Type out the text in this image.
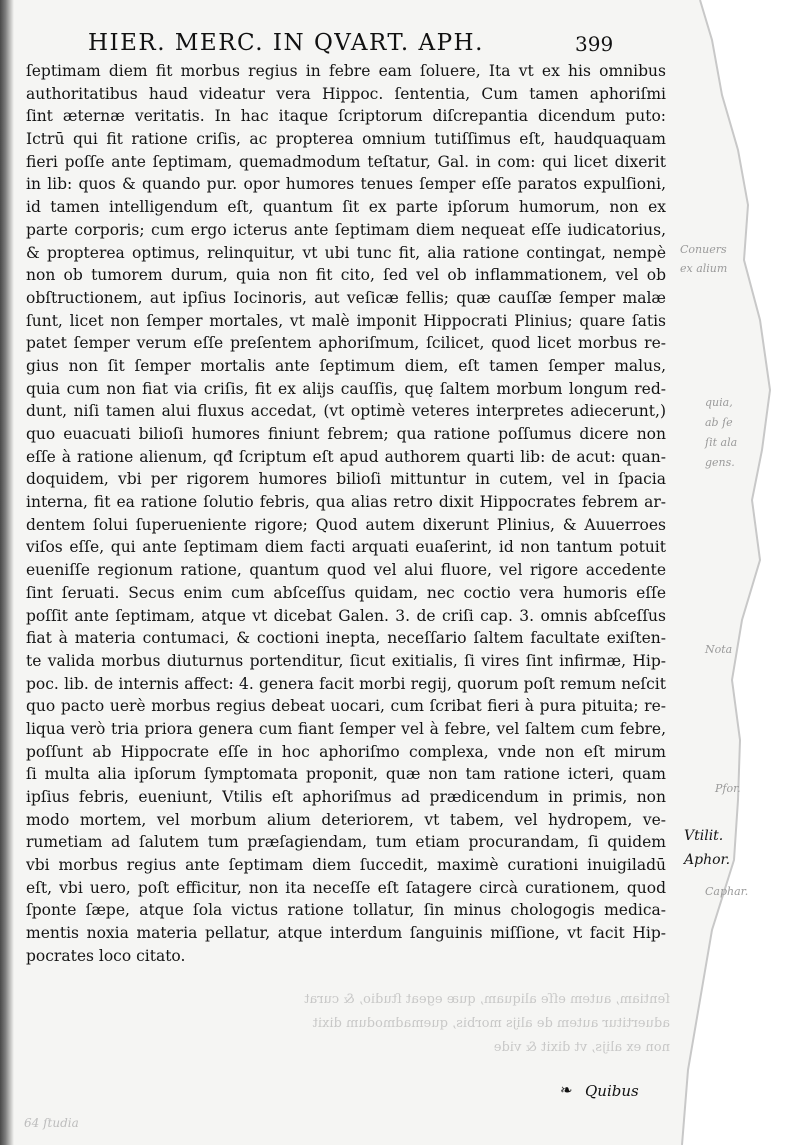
HIER. MERC. IN QVART. APH.	399
ſeptimam diem fit morbus regius in febre eam ſoluere, Ita vt ex his omnibus
authoritatibus haud videatur vera Hippoc. ſententia, Cum tamen aphoriſmi
ſint æternæ veritatis. In hac itaque ſcriptorum diſcrepantia dicendum puto:
Ictrū qui fit ratione criſis, ac propterea omnium tutiſſimus eſt, haudquaquam
fieri poſſe ante ſeptimam, quemadmodum teſtatur, Gal. in com: qui licet dixerit
in lib: quos & quando pur. opor humores tenues ſemper eſſe paratos expulſioni,
id tamen intelligendum eſt, quantum ſit ex parte ipſorum humorum, non ex
parte corporis; cum ergo icterus ante ſeptimam diem nequeat eſſe iudicatorius,
& propterea optimus, relinquitur, vt ubi tunc fit, alia ratione contingat, nempè
non ob tumorem durum, quia non fit cito, ſed vel ob inflammationem, vel ob
obſtructionem, aut ipſius Iocinoris, aut veſicæ fellis; quæ cauſſæ ſemper malæ
ſunt, licet non ſemper mortales, vt malè imponit Hippocrati Plinius; quare ſatis
patet ſemper verum eſſe preſentem aphoriſmum, ſcilicet, quod licet morbus re-
gius non ſit ſemper mortalis ante ſeptimum diem, eſt tamen ſemper malus,
quia cum non fiat via criſis, fit ex alijs cauſſis, quę ſaltem morbum longum red-
dunt, niſi tamen alui fluxus accedat, (vt optimè veteres interpretes adiecerunt,)
quo euacuati bilioſi humores finiunt febrem; qua ratione poſſumus dicere non
eſſe à ratione alienum, qđ ſcriptum eſt apud authorem quarti lib: de acut: quan-
doquidem, vbi per rigorem humores bilioſi mittuntur in cutem, vel in ſpacia
interna, fit ea ratione ſolutio febris, qua alias retro dixit Hippocrates febrem ar-
dentem ſolui ſuperueniente rigore; Quod autem dixerunt Plinius, & Auuerroes
viſos eſſe, qui ante ſeptimam diem facti arquati euaſerint, id non tantum potuit
eueniſſe regionum ratione, quantum quod vel alui fluore, vel rigore accedente
ſint ſeruati. Secus enim cum abſceſſus quidam, nec coctio vera humoris eſſe
poſſit ante ſeptimam, atque vt dicebat Galen. 3. de criſi cap. 3. omnis abſceſſus
fiat à materia contumaci, & coctioni inepta, neceſſario ſaltem facultate exiſten-
te valida morbus diuturnus portenditur, ſicut exitialis, ſi vires ſint infirmæ, Hip-
poc. lib. de internis affect: 4. genera facit morbi regij, quorum poſt remum neſcit
quo pacto uerè morbus regius debeat uocari, cum ſcribat fieri à pura pituita; re-
liqua verò tria priora genera cum fiant ſemper vel à febre, vel ſaltem cum febre,
poſſunt ab Hippocrate eſſe in hoc aphoriſmo complexa, vnde non eſt mirum
ſi multa alia ipſorum ſymptomata proponit, quæ non tam ratione icteri, quam
ipſius febris, eueniunt, Vtilis eſt aphoriſmus ad prædicendum in primis, non
modo mortem, vel morbum alium deteriorem, vt tabem, vel hydropem, ve-
rumetiam ad ſalutem tum præſagiendam, tum etiam procurandam, ſi quidem
vbi morbus regius ante ſeptimam diem ſuccedit, maximè curationi inuigiladū
eſt, vbi uero, poſt efficitur, non ita neceſſe eſt ſatagere circà curationem, quod
ſponte ſæpe, atque ſola victus ratione tollatur, ſin minus chologogis medica-
mentis noxia materia pellatur, atque interdum ſanguinis miſſione, vt facit Hip-
pocrates loco citato.
Vtilit.
Aphor.
Conuers
ex alium
quia,
ab ſe
ſit ala
gens.
Nota
Pfor.
Caphar.
ſentiam, autem eſſe aliquam, quæ egeat ſtudio, & curat
aduertitur autem de alijs morbis, quemadmodum dixit
non ex alijs, vt dixit & vide
❧ Quibus
64 ſtudia
